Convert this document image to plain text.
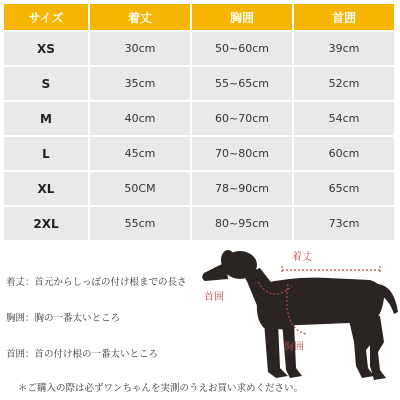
サイズ	着丈	胸囲	首囲
XS	30cm	50~60cm	39cm
S	35cm	55~65cm	52cm
M	40cm	60~70cm	54cm
L	45cm	70~80cm	60cm
XL	50CM	78~90cm	65cm
2XL	55cm	80~95cm	73cm
着丈：首元からしっぽの付け根までの長さ
胸囲：胸の一番太いところ
首囲：首の付け根の一番太いところ
着丈
首囲
胸囲
＊ご購入の際は必ずワンちゃんを実測のうえお買い求めください。
